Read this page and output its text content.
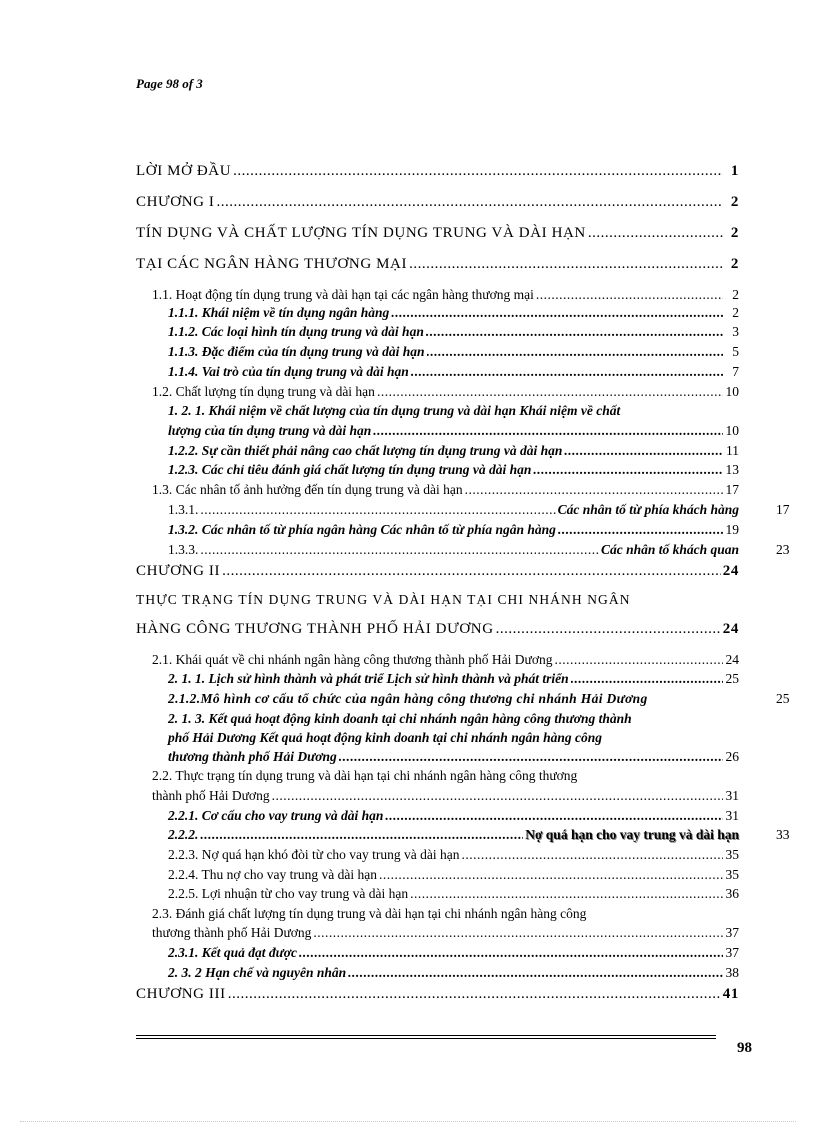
Page 98 of 3
LỜI MỞ ĐẦU .....	1
CHƯƠNG I .....	2
TÍN DỤNG VÀ CHẤT LƯỢNG TÍN DỤNG TRUNG VÀ DÀI HẠN .....	2
TẠI CÁC NGÂN HÀNG THƯƠNG MẠI .....	2
1.1. Hoạt động tín dụng trung và dài hạn tại các ngân hàng thương mại .....	2
1.1.1. Khái niệm về tín dụng ngân hàng .....	2
1.1.2. Các loại hình tín dụng trung và dài hạn .....	3
1.1.3. Đặc điểm của tín dụng trung và dài hạn .....	5
1.1.4. Vai trò của tín dụng trung và dài hạn .....	7
1.2. Chất lượng tín dụng trung và dài hạn .....	10
1. 2. 1. Khái niệm về chất lượng của tín dụng trung và dài hạn Khái niệm về chất
lượng của tín dụng trung và dài hạn .....	10
1.2.2. Sự cần thiết phải nâng cao chất lượng tín dụng trung và dài hạn .....	11
1.2.3. Các chỉ tiêu đánh giá chất lượng tín dụng trung và dài hạn .....	13
1.3. Các nhân tố ảnh hưởng đến tín dụng trung và dài hạn .....	17
1.3.1. .....	Các nhân tố từ phía khách hàng	17
1.3.2. Các nhân tố từ phía ngân hàng Các nhân tố từ phía ngân hàng .....	19
1.3.3. .....	Các nhân tố khách quan	23
CHƯƠNG II .....	24
THỰC TRẠNG TÍN DỤNG TRUNG VÀ DÀI HẠN TẠI CHI NHÁNH NGÂN
HÀNG CÔNG THƯƠNG THÀNH PHỐ HẢI DƯƠNG .....	24
2.1. Khái quát về chi nhánh ngân hàng công thương thành phố Hải Dương .....	24
2. 1. 1. Lịch sử hình thành và phát triể Lịch sử hình thành và phát triển .....	25
2.1.2.Mô hình cơ cấu tổ chức của ngân hàng công thương chi nhánh Hải Dương	25
2. 1. 3. Kết quả hoạt động kinh doanh tại chi nhánh ngân hàng công thương thành
phố Hải Dương Kết quả hoạt động kinh doanh tại chi nhánh ngân hàng công
thương thành phố Hải Dương .....	26
2.2. Thực trạng tín dụng trung và dài hạn tại chi nhánh ngân hàng công thương
thành phố Hải Dương .....	31
2.2.1. Cơ cấu cho vay trung và dài hạn .....	31
2.2.2. .....	Nợ quá hạn cho vay trung và dài hạn	33
2.2.3. Nợ quá hạn khó đòi từ cho vay trung và dài hạn .....	35
2.2.4. Thu nợ cho vay trung và dài hạn .....	35
2.2.5. Lợi nhuận từ cho vay trung và dài hạn .....	36
2.3. Đánh giá chất lượng tín dụng trung và dài hạn tại chi nhánh ngân hàng công
thương thành phố Hải Dương .....	37
2.3.1. Kết quả đạt được .....	37
2. 3. 2 Hạn chế và nguyên nhân .....	38
CHƯƠNG III .....	41
98
